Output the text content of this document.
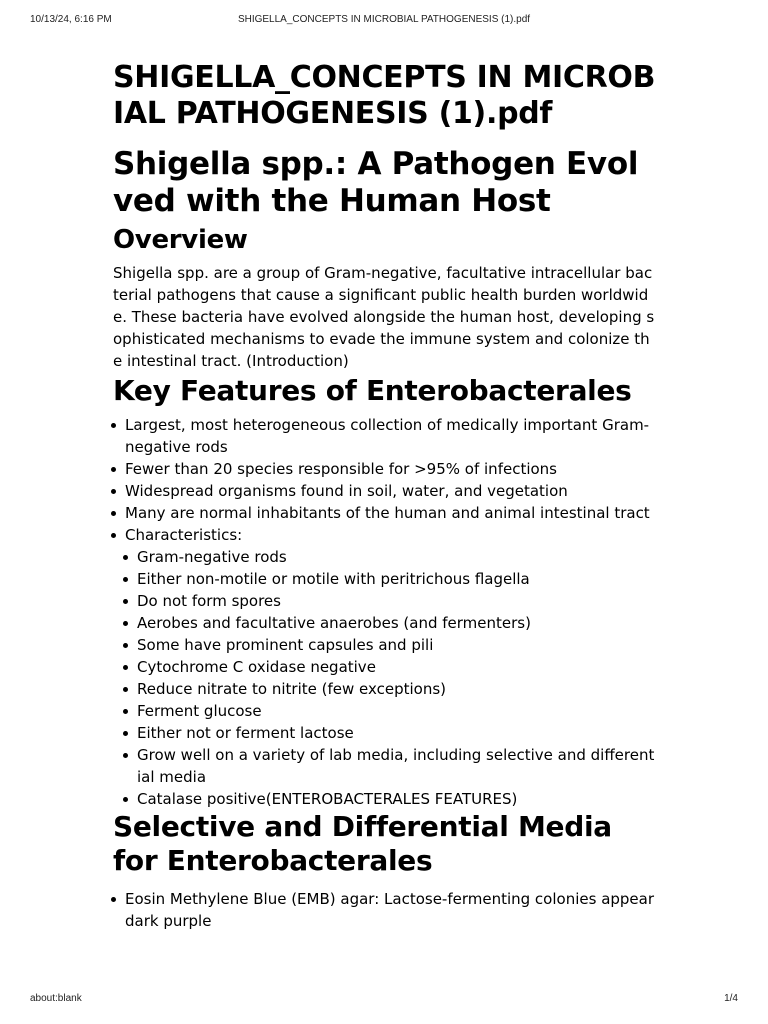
10/13/24, 6:16 PM	SHIGELLA_CONCEPTS IN MICROBIAL PATHOGENESIS (1).pdf
SHIGELLA_CONCEPTS IN MICROBIAL PATHOGENESIS (1).pdf
Shigella spp.: A Pathogen Evolved with the Human Host
Overview

Shigella spp. are a group of Gram-negative, facultative intracellular bacterial pathogens that cause a significant public health burden worldwide. These bacteria have evolved alongside the human host, developing sophisticated mechanisms to evade the immune system and colonize the intestinal tract. (Introduction)

Key Features of Enterobacterales
Largest, most heterogeneous collection of medically important Gram-negative rods
Fewer than 20 species responsible for >95% of infections
Widespread organisms found in soil, water, and vegetation
Many are normal inhabitants of the human and animal intestinal tract
Characteristics:
Gram-negative rods
Either non-motile or motile with peritrichous flagella
Do not form spores
Aerobes and facultative anaerobes (and fermenters)
Some have prominent capsules and pili
Cytochrome C oxidase negative
Reduce nitrate to nitrite (few exceptions)
Ferment glucose
Either not or ferment lactose
Grow well on a variety of lab media, including selective and differential media
Catalase positive(ENTEROBACTERALES FEATURES)
Selective and Differential Media for Enterobacterales
Eosin Methylene Blue (EMB) agar: Lactose-fermenting colonies appear dark purple
about:blank	1/4
